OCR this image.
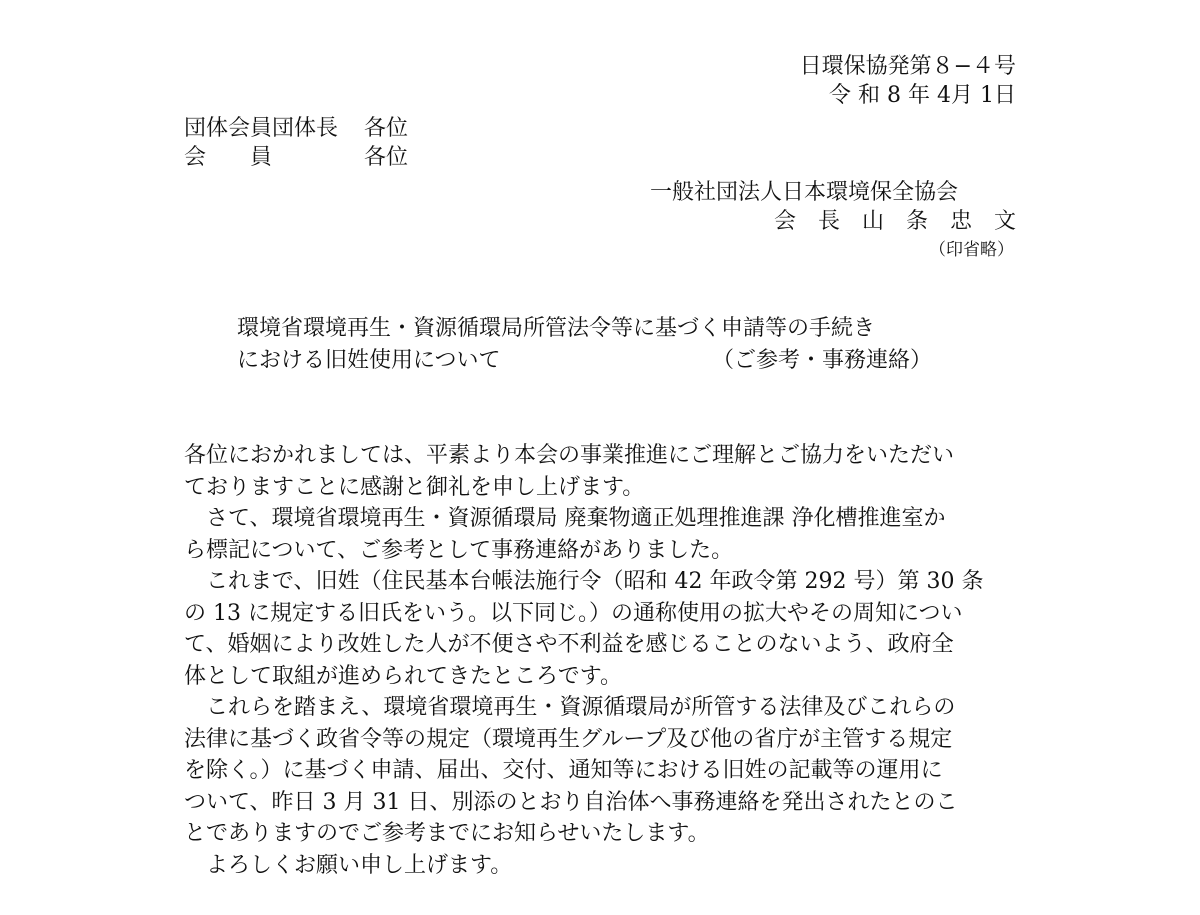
日環保協発第８−４号
令 和 8 年 4月 1日
団体会員団体長 各位
会　　員	各位
一般社団法人日本環境保全協会
会　長　山　条　忠　文
（印省略）
環境省環境再生・資源循環局所管法令等に基づく申請等の手続き
における旧姓使用について	（ご参考・事務連絡）

各位におかれましては、平素より本会の事業推進にご理解とご協力をいただい
ておりますことに感謝と御礼を申し上げます。

さて、環境省環境再生・資源循環局 廃棄物適正処理推進課 浄化槽推進室か
ら標記について、ご参考として事務連絡がありました。

これまで、旧姓（住民基本台帳法施行令（昭和 42 年政令第 292 号）第 30 条
の 13 に規定する旧氏をいう。以下同じ。）の通称使用の拡大やその周知につい
て、婚姻により改姓した人が不便さや不利益を感じることのないよう、政府全
体として取組が進められてきたところです。

これらを踏まえ、環境省環境再生・資源循環局が所管する法律及びこれらの
法律に基づく政省令等の規定（環境再生グループ及び他の省庁が主管する規定
を除く。）に基づく申請、届出、交付、通知等における旧姓の記載等の運用に
ついて、昨日 3 月 31 日、別添のとおり自治体へ事務連絡を発出されたとのこ
とでありますのでご参考までにお知らせいたします。

よろしくお願い申し上げます。
